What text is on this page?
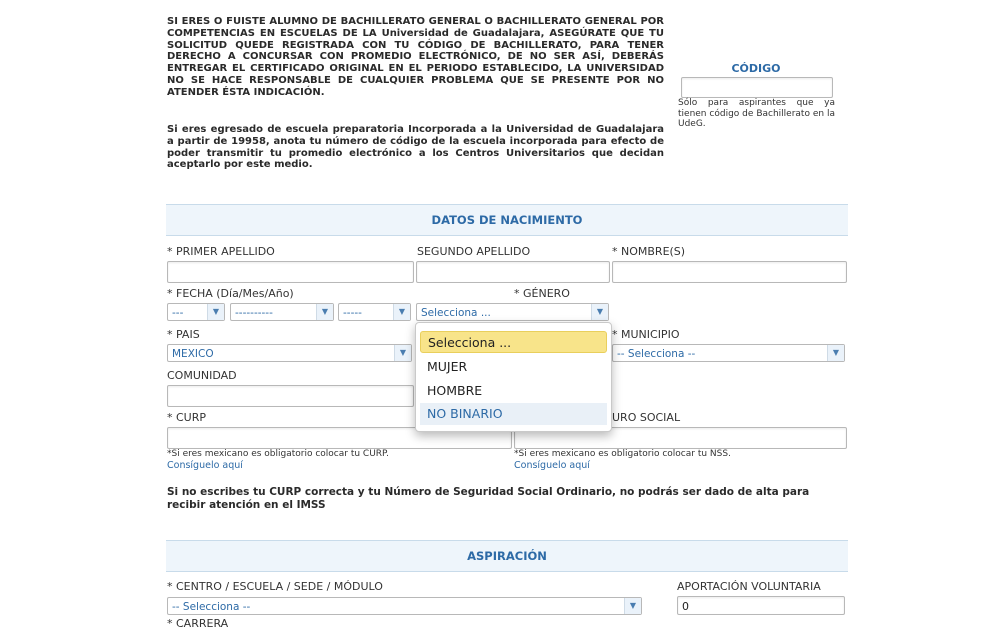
SI ERES O FUISTE ALUMNO DE BACHILLERATO GENERAL O BACHILLERATO GENERAL POR COMPETENCIAS EN ESCUELAS DE LA Universidad de Guadalajara, ASEGÚRATE QUE TU SOLICITUD QUEDE REGISTRADA CON TU CÓDIGO DE BACHILLERATO, PARA TENER DERECHO A CONCURSAR CON PROMEDIO ELECTRÓNICO, DE NO SER ASÍ, DEBERÁS ENTREGAR EL CERTIFICADO ORIGINAL EN EL PERIODO ESTABLECIDO, LA UNIVERSIDAD NO SE HACE RESPONSABLE DE CUALQUIER PROBLEMA QUE SE PRESENTE POR NO ATENDER ÉSTA INDICACIÓN.

Si eres egresado de escuela preparatoria Incorporada a la Universidad de Guadalajara a partir de 19958, anota tu número de código de la escuela incorporada para efecto de poder transmitir tu promedio electrónico a los Centros Universitarios que decidan aceptarlo por este medio.

CÓDIGO
Sólo para aspirantes que ya tienen código de Bachillerato en la UdeG.
DATOS DE NACIMIENTO
* PRIMER APELLIDO	SEGUNDO APELLIDO	* NOMBRE(S)
* FECHA (Día/Mes/Año)	* GÉNERO
---	▼	----------	▼	-----	▼	Selecciona ...	▼
* PAIS	* MUNICIPIO
MEXICO	▼	-- Selecciona --	▼
COMUNIDAD
* CURP	URO SOCIAL
*Si eres mexicano es obligatorio colocar tu CURP.
Consíguelo aquí
*Si eres mexicano es obligatorio colocar tu NSS.
Consíguelo aquí

Si no escribes tu CURP correcta y tu Número de Seguridad Social Ordinario, no podrás ser dado de alta para recibir atención en el IMSS

ASPIRACIÓN
* CENTRO / ESCUELA / SEDE / MÓDULO	APORTACIÓN VOLUNTARIA
-- Selecciona --	▼	0
* CARRERA
Selecciona ...
MUJER
HOMBRE
NO BINARIO
